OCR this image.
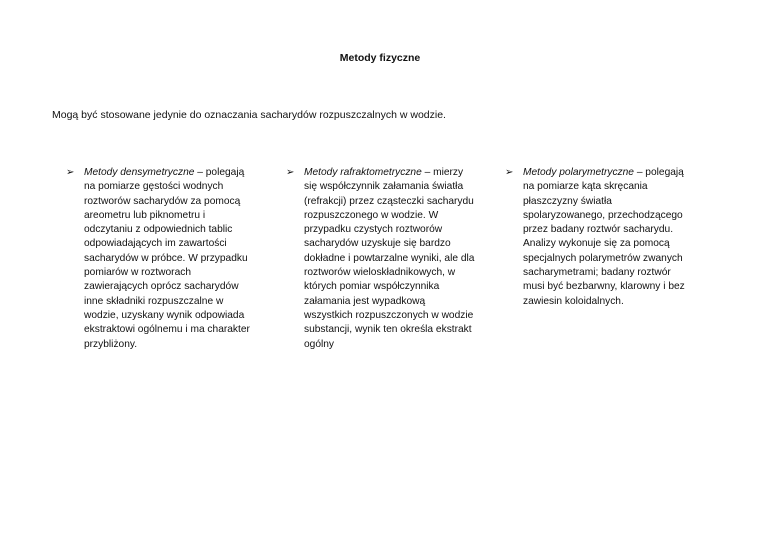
Metody fizyczne
Mogą być stosowane jedynie do oznaczania sacharydów rozpuszczalnych w wodzie.
➢ Metody densymetryczne – polegają na pomiarze gęstości wodnych roztworów sacharydów za pomocą areometru lub piknometru i odczytaniu z odpowiednich tablic odpowiadających im zawartości sacharydów w próbce. W przypadku pomiarów w roztworach zawierających oprócz sacharydów inne składniki rozpuszczalne w wodzie, uzyskany wynik odpowiada ekstraktowi ogólnemu i ma charakter przybliżony.
➢ Metody rafraktometryczne – mierzy się współczynnik załamania światła (refrakcji) przez cząsteczki sacharydu rozpuszczonego w wodzie. W przypadku czystych roztworów sacharydów uzyskuje się bardzo dokładne i powtarzalne wyniki, ale dla roztworów wieloskładnikowych, w których pomiar współczynnika załamania jest wypadkową wszystkich rozpuszczonych w wodzie substancji, wynik ten określa ekstrakt ogólny
➢ Metody polarymetryczne – polegają na pomiarze kąta skręcania płaszczyzny światła spolaryzowanego, przechodzącego przez badany roztwór sacharydu. Analizy wykonuje się za pomocą specjalnych polarymetrów zwanych sacharymetrami; badany roztwór musi być bezbarwny, klarowny i bez zawiesin koloidalnych.
